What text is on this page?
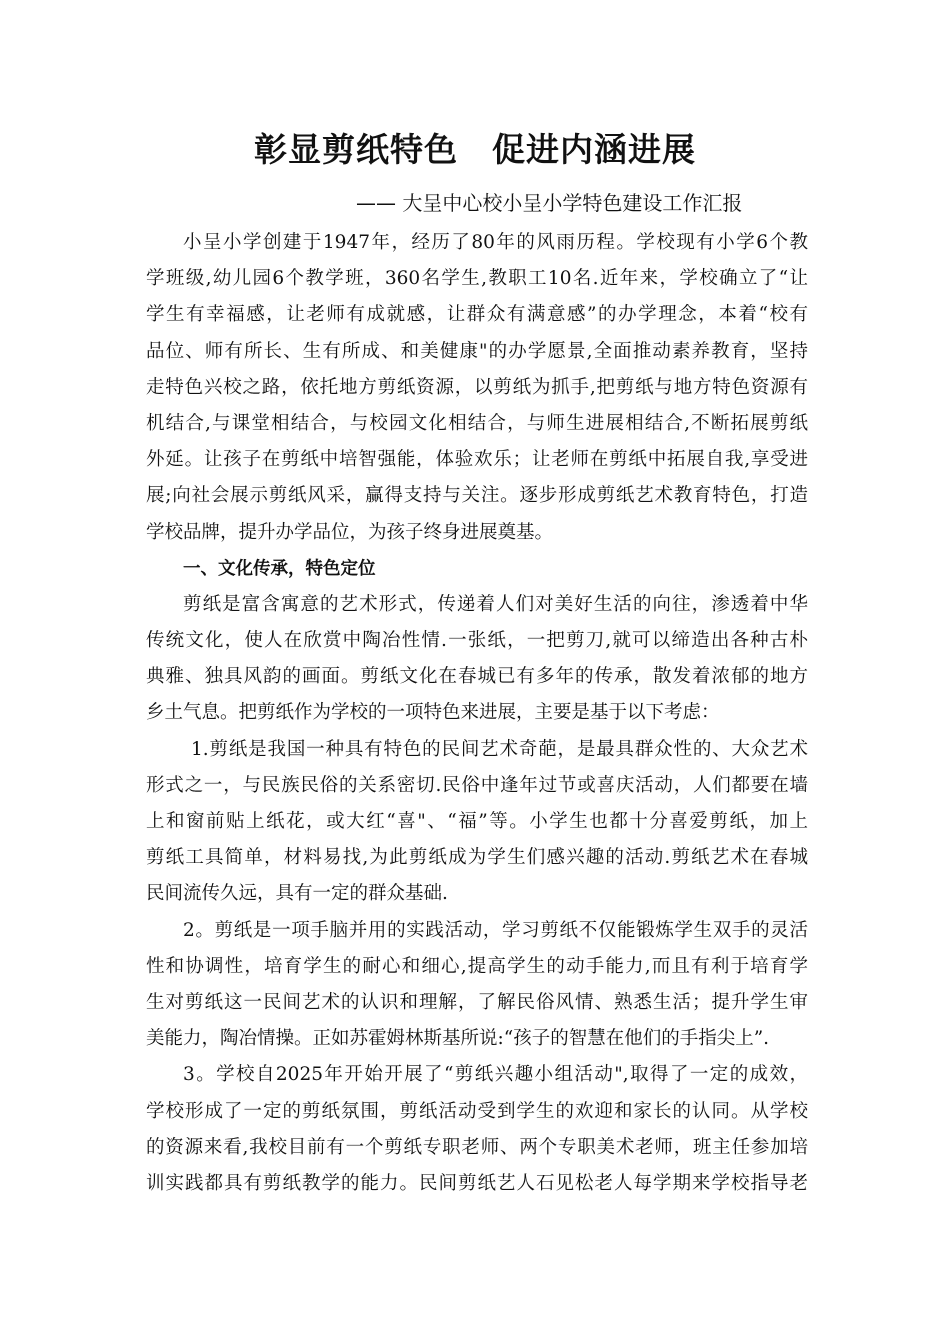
彰显剪纸特色　促进内涵进展

—— 大呈中心校小呈小学特色建设工作汇报

小呈小学创建于1947年，经历了80年的风雨历程。学校现有小学6个教
学班级,幼儿园6个教学班，360名学生,教职工10名.近年来，学校确立了“让
学生有幸福感，让老师有成就感，让群众有满意感”的办学理念，本着“校有
品位、师有所长、生有所成、和美健康"的办学愿景,全面推动素养教育，坚持
走特色兴校之路，依托地方剪纸资源，以剪纸为抓手,把剪纸与地方特色资源有
机结合,与课堂相结合，与校园文化相结合，与师生进展相结合,不断拓展剪纸
外延。让孩子在剪纸中培智强能，体验欢乐；让老师在剪纸中拓展自我,享受进
展;向社会展示剪纸风采，赢得支持与关注。逐步形成剪纸艺术教育特色，打造
学校品牌，提升办学品位，为孩子终身进展奠基。
一、文化传承，特色定位
剪纸是富含寓意的艺术形式，传递着人们对美好生活的向往，渗透着中华
传统文化，使人在欣赏中陶冶性情.一张纸，一把剪刀,就可以缔造出各种古朴
典雅、独具风韵的画面。剪纸文化在春城已有多年的传承，散发着浓郁的地方
乡土气息。把剪纸作为学校的一项特色来进展，主要是基于以下考虑：
1.剪纸是我国一种具有特色的民间艺术奇葩，是最具群众性的、大众艺术
形式之一，与民族民俗的关系密切.民俗中逢年过节或喜庆活动，人们都要在墙
上和窗前贴上纸花，或大红“喜"、“福”等。小学生也都十分喜爱剪纸，加上
剪纸工具简单，材料易找,为此剪纸成为学生们感兴趣的活动.剪纸艺术在春城
民间流传久远，具有一定的群众基础.
2。剪纸是一项手脑并用的实践活动，学习剪纸不仅能锻炼学生双手的灵活
性和协调性，培育学生的耐心和细心,提高学生的动手能力,而且有利于培育学
生对剪纸这一民间艺术的认识和理解，了解民俗风情、熟悉生活；提升学生审
美能力，陶冶情操。正如苏霍姆林斯基所说:“孩子的智慧在他们的手指尖上”.
3。学校自2025年开始开展了“剪纸兴趣小组活动",取得了一定的成效，
学校形成了一定的剪纸氛围，剪纸活动受到学生的欢迎和家长的认同。从学校
的资源来看,我校目前有一个剪纸专职老师、两个专职美术老师，班主任参加培
训实践都具有剪纸教学的能力。民间剪纸艺人石见松老人每学期来学校指导老
